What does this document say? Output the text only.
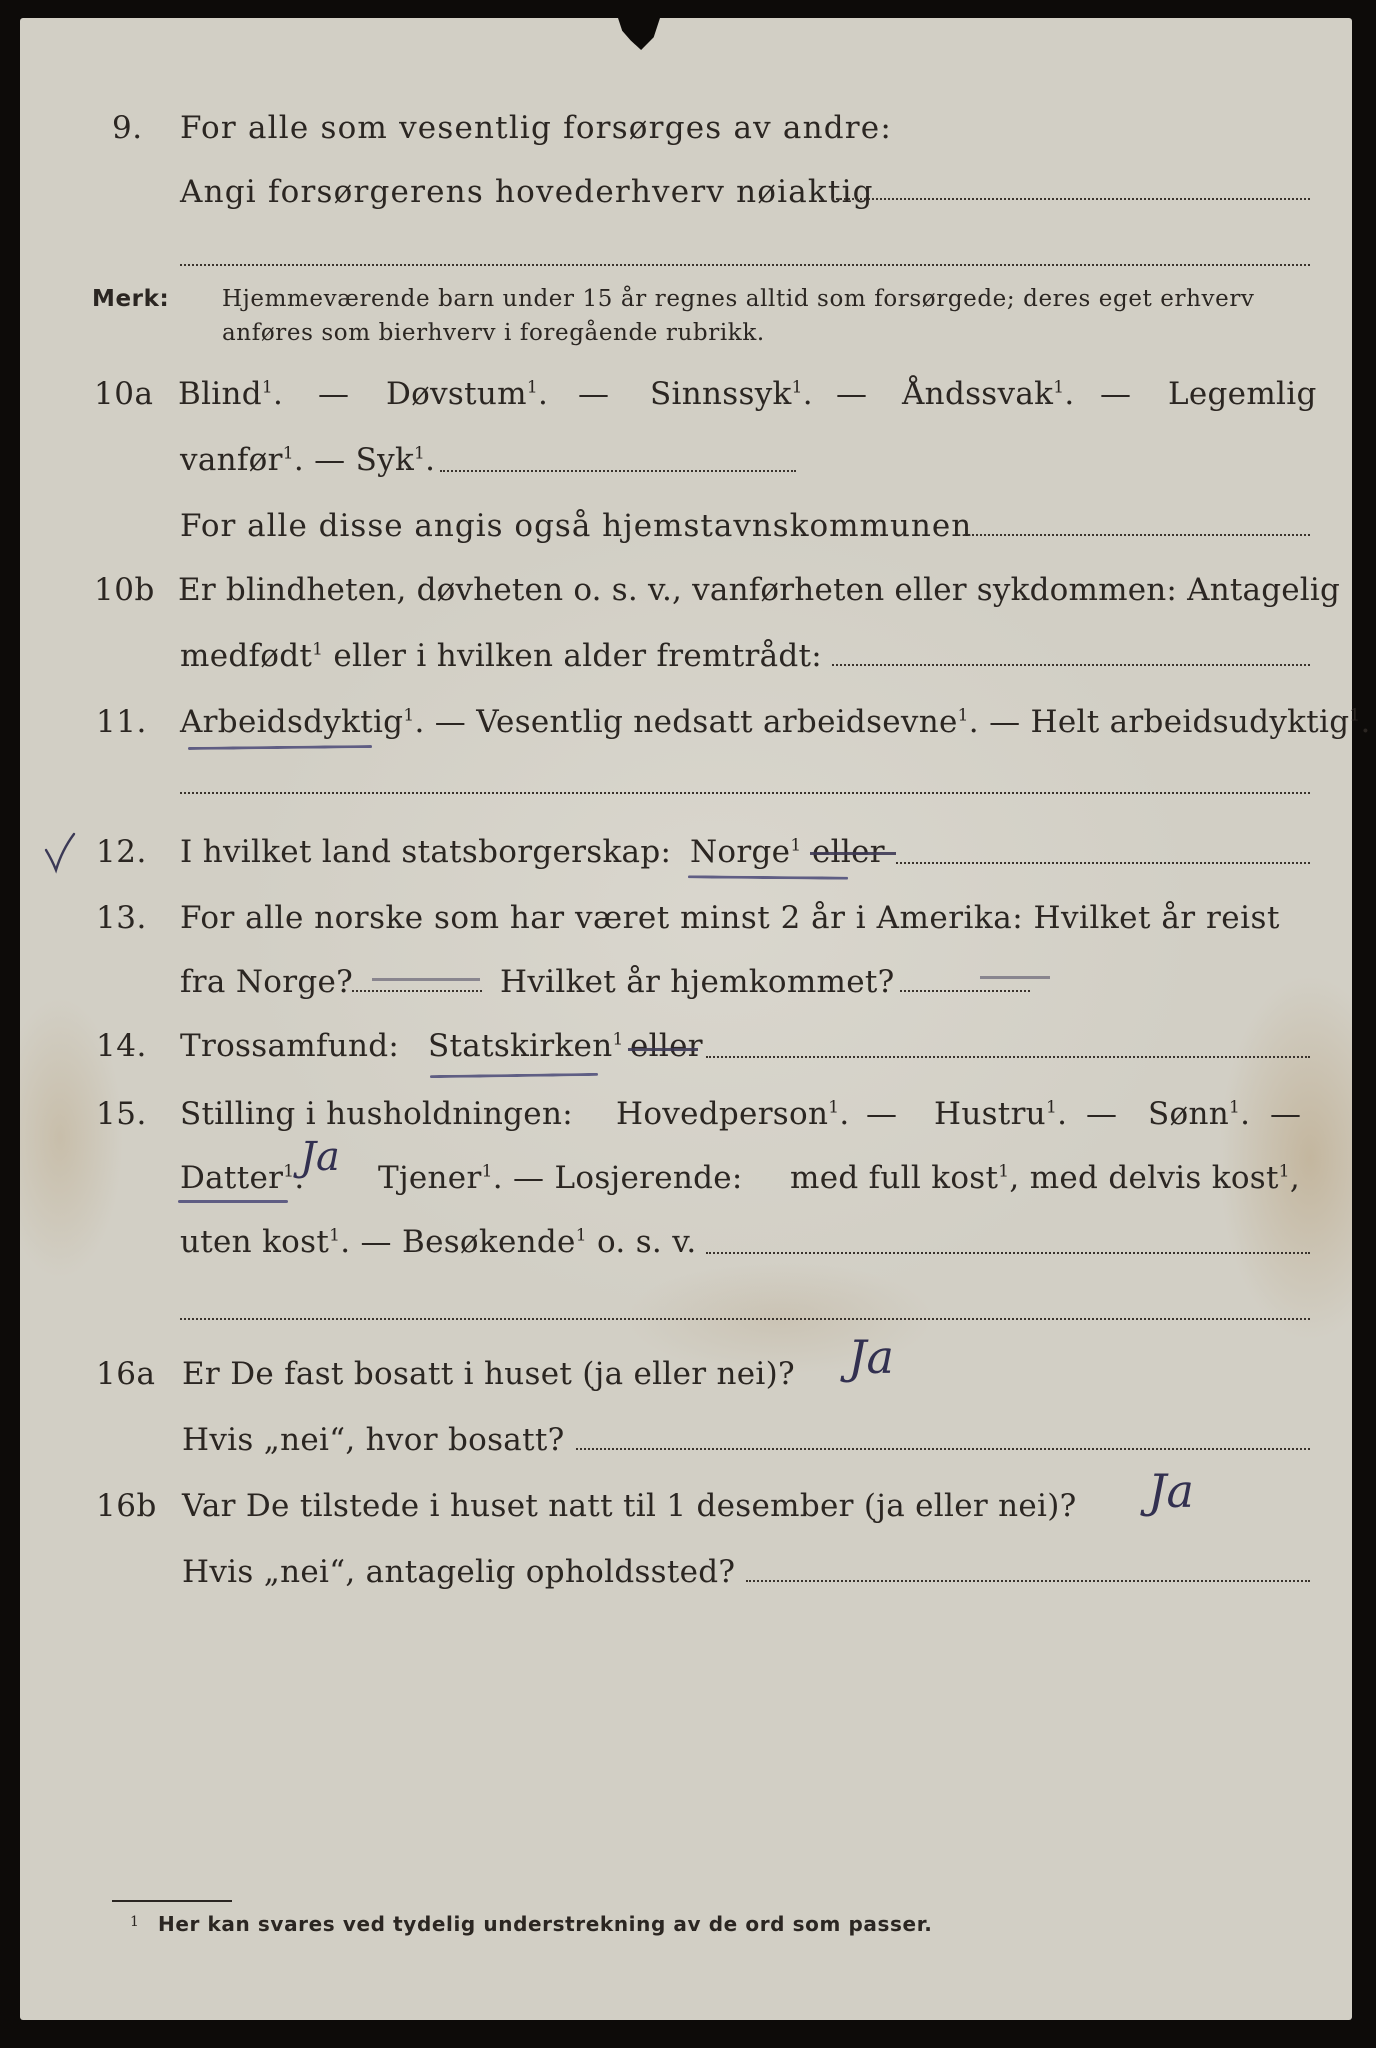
9. For alle som vesentlig forsørges av andre:
Angi forsørgerens hovederhverv nøiaktig
Merk: Hjemmeværende barn under 15 år regnes alltid som forsørgede; deres eget erhverv
anføres som bierhverv i foregående rubrikk.
10a Blind$^1$. — Døvstum$^1$. — Sinnssyk$^1$. — Åndssvak$^1$. — Legemlig
vanfør$^1$. — Syk$^1$.
For alle disse angis også hjemstavnskommunen
10b Er blindheten, døvheten o. s. v., vanførheten eller sykdommen: Antagelig
medfødt$^1$ eller i hvilken alder fremtrådt:
11. Arbeidsdyktig$^1$. — Vesentlig nedsatt arbeidsevne$^1$. — Helt arbeidsudyktig$^1$.
12. I hvilket land statsborgerskap: Norge$^1$ eller
13. For alle norske som har været minst 2 år i Amerika: Hvilket år reist
fra Norge?	Hvilket år hjemkommet?
14. Trossamfund: Statskirken$^1$ eller
15. Stilling i husholdningen: Hovedperson$^1$. — Hustru$^1$. — Sønn$^1$. —
Datter$^1$.
Ja Tjener$^1$. — Losjerende: med full kost$^1$, med delvis kost$^1$,
uten kost$^1$. — Besøkende$^1$ o. s. v.
16a Er De fast bosatt i huset (ja eller nei)? Ja
Hvis „nei“, hvor bosatt?
16b Var De tilstede i huset natt til 1 desember (ja eller nei)? Ja
Hvis „nei“, antagelig opholdssted?
1 Her kan svares ved tydelig understrekning av de ord som passer.
